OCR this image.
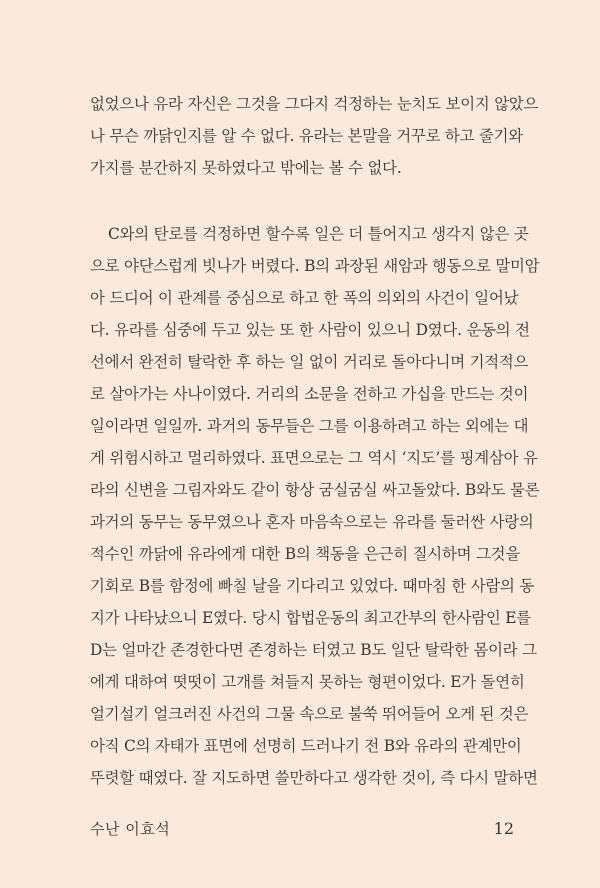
없었으나 유라 자신은 그것을 그다지 걱정하는 눈치도 보이지 않았으
나 무슨 까닭인지를 알 수 없다. 유라는 본말을 거꾸로 하고 줄기와
가지를 분간하지 못하였다고 밖에는 볼 수 없다.
C와의 탄로를 걱정하면 할수록 일은 더 틀어지고 생각지 않은 곳
으로 야단스럽게 빗나가 버렸다. B의 과장된 새암과 행동으로 말미암
아 드디어 이 관계를 중심으로 하고 한 폭의 의외의 사건이 일어났
다. 유라를 심중에 두고 있는 또 한 사람이 있으니 D였다. 운동의 전
선에서 완전히 탈락한 후 하는 일 없이 거리로 돌아다니며 기적적으
로 살아가는 사나이였다. 거리의 소문을 전하고 가십을 만드는 것이
일이라면 일일까. 과거의 동무들은 그를 이용하려고 하는 외에는 대
게 위험시하고 멀리하였다. 표면으로는 그 역시 ‘지도’를 핑계삼아 유
라의 신변을 그림자와도 같이 항상 굼실굼실 싸고돌았다. B와도 물론
과거의 동무는 동무였으나 혼자 마음속으로는 유라를 둘러싼 사랑의
적수인 까닭에 유라에게 대한 B의 책동을 은근히 질시하며 그것을
기회로 B를 함정에 빠칠 날을 기다리고 있었다. 때마침 한 사람의 동
지가 나타났으니 E였다. 당시 합법운동의 최고간부의 한사람인 E를
D는 얼마간 존경한다면 존경하는 터였고 B도 일단 탈락한 몸이라 그
에게 대하여 떳떳이 고개를 쳐들지 못하는 형편이었다. E가 돌연히
얼기설기 얼크러진 사건의 그물 속으로 불쑥 뛰어들어 오게 된 것은
아직 C의 자태가 표면에 선명히 드러나기 전 B와 유라의 관계만이
뚜렷할 때였다. 잘 지도하면 쓸만하다고 생각한 것이, 즉 다시 말하면
수난 이효석	12
